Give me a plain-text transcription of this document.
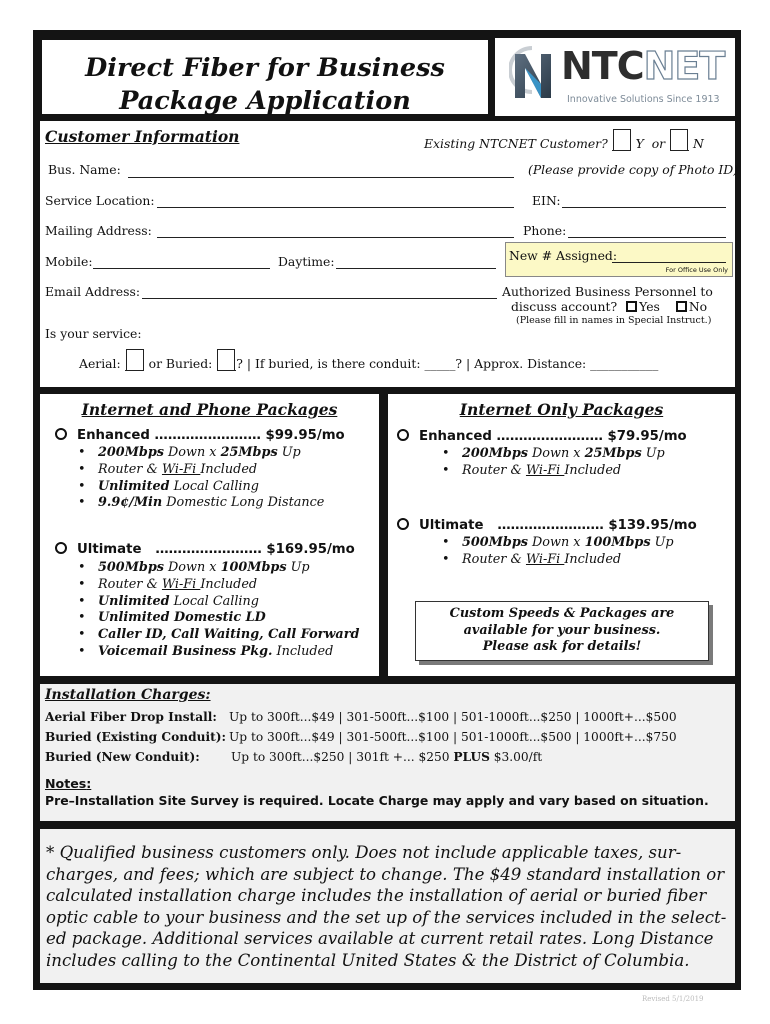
Direct Fiber for Business
Package Application
NTCNET
Innovative Solutions Since 1913
Customer Information	Existing NTCNET Customer? Y or N
Bus. Name:	(Please provide copy of Photo ID)
Service Location:	EIN:
Mailing Address:	Phone:
Mobile:	Daytime:	New # Assigned:
For Office Use Only
Email Address:	Authorized Business Personnel to
discuss account? Yes No
(Please fill in names in Special Instruct.)
Is your service:
Aerial: or Buried: ? | If buried, is there conduit: _____? | Approx. Distance: ___________
Internet and Phone Packages
Enhanced …………………… $99.95/mo
• 200Mbps Down x 25Mbps Up
• Router & Wi-Fi Included
• Unlimited Local Calling
• 9.9¢/Min Domestic Long Distance
Ultimate …………………… $169.95/mo
• 500Mbps Down x 100Mbps Up
• Router & Wi-Fi Included
• Unlimited Local Calling
• Unlimited Domestic LD
• Caller ID, Call Waiting, Call Forward
• Voicemail Business Pkg. Included
Internet Only Packages
Enhanced …………………… $79.95/mo
• 200Mbps Down x 25Mbps Up
• Router & Wi-Fi Included
Ultimate …………………… $139.95/mo
• 500Mbps Down x 100Mbps Up
• Router & Wi-Fi Included
Custom Speeds & Packages are
available for your business.
Please ask for details!
Installation Charges:
Aerial Fiber Drop Install: Up to 300ft...$49 | 301-500ft...$100 | 501-1000ft...$250 | 1000ft+...$500
Buried (Existing Conduit): Up to 300ft...$49 | 301-500ft...$100 | 501-1000ft...$500 | 1000ft+...$750
Buried (New Conduit):	Up to 300ft...$250 | 301ft +... $250 PLUS $3.00/ft
Notes:
Pre–Installation Site Survey is required. Locate Charge may apply and vary based on situation.
* Qualified business customers only. Does not include applicable taxes, sur-charges, and fees; which are subject to change. The $49 standard installation or calculated installation charge includes the installation of aerial or buried fiber optic cable to your business and the set up of the services included in the select-ed package. Additional services available at current retail rates. Long Distance includes calling to the Continental United States & the District of Columbia.
Revised 5/1/2019
